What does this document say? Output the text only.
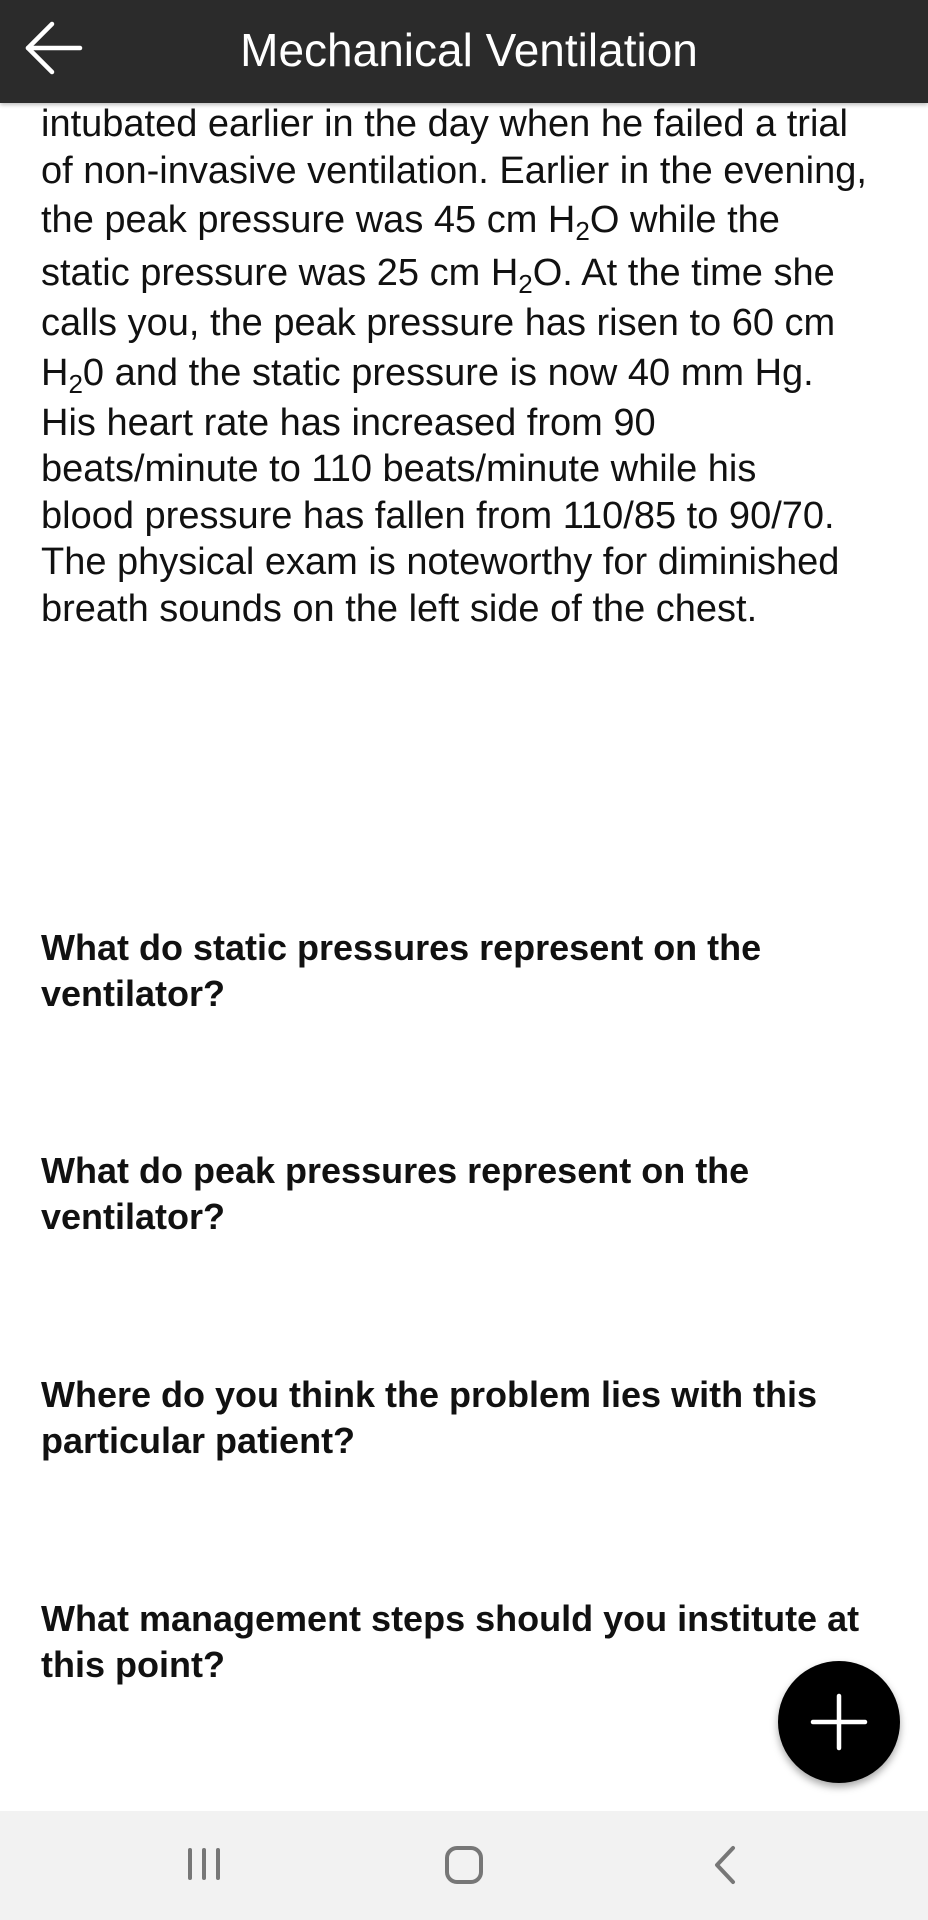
Mechanical Ventilation

intubated earlier in the day when he failed a trial
of non-invasive ventilation. Earlier in the evening,
the peak pressure was 45 cm $H_2O$ while the
static pressure was 25 cm $H_2O$. At the time she
calls you, the peak pressure has risen to 60 cm
$H_20$ and the static pressure is now 40 mm Hg.
His heart rate has increased from 90
beats/minute to 110 beats/minute while his
blood pressure has fallen from 110/85 to 90/70.
The physical exam is noteworthy for diminished
breath sounds on the left side of the chest.

What do static pressures represent on the ventilator?

What do peak pressures represent on the ventilator?

Where do you think the problem lies with this particular patient?

What management steps should you institute at this point?
